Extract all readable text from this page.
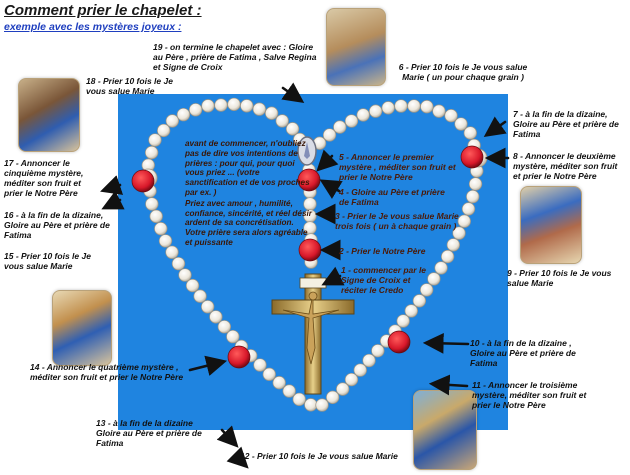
Comment prier le chapelet :
exemple avec les mystères joyeux :
avant de commencer, n'oubliez pas de dire vos intentions de prières : pour qui, pour quoi vous priez ... (votre sanctification et de vos proches par ex. )
Priez avec amour , humilité, confiance, sincérité, et réel désir ardent de sa concrétisation. Votre prière sera alors agréable et puissante
5 - Annoncer le premier mystère , méditer son fruit et prier le Notre Père
4 - Gloire au Père et prière de Fatima
3 - Prier le Je vous salue Marie trois fois ( un à chaque grain )
2 - Prier le Notre Père
1 - commencer par le Signe de Croix et réciter le Credo
19 - on termine le chapelet avec : Gloire au Père , prière de Fatima , Salve Regina et Signe de Croix	6 - Prier 10 fois le Je vous salue Marie ( un pour chaque grain )
18 - Prier 10 fois le Je vous salue Marie
7 - à la fin de la dizaine, Gloire au Père et prière de Fatima
8 - Annoncer le deuxième mystère, méditer son fruit et prier le Notre Père
17 - Annoncer le cinquième mystère, méditer son fruit et prier le Notre Père
16 - à la fin de la dizaine, Gloire au Père et prière de Fatima
15 - Prier 10 fois le Je vous salue Marie
9 - Prier 10 fois le Je vous salue Marie
10 - à la fin de la dizaine , Gloire au Père et prière de Fatima
14 - Annoncer le quatrième mystère , méditer son fruit et prier le Notre Père
11 - Annoncer le troisième mystère, méditer son fruit et prier le Notre Père
13 - à la fin de la dizaine Gloire au Père et prière de Fatima
12 - Prier 10 fois le Je vous salue Marie
